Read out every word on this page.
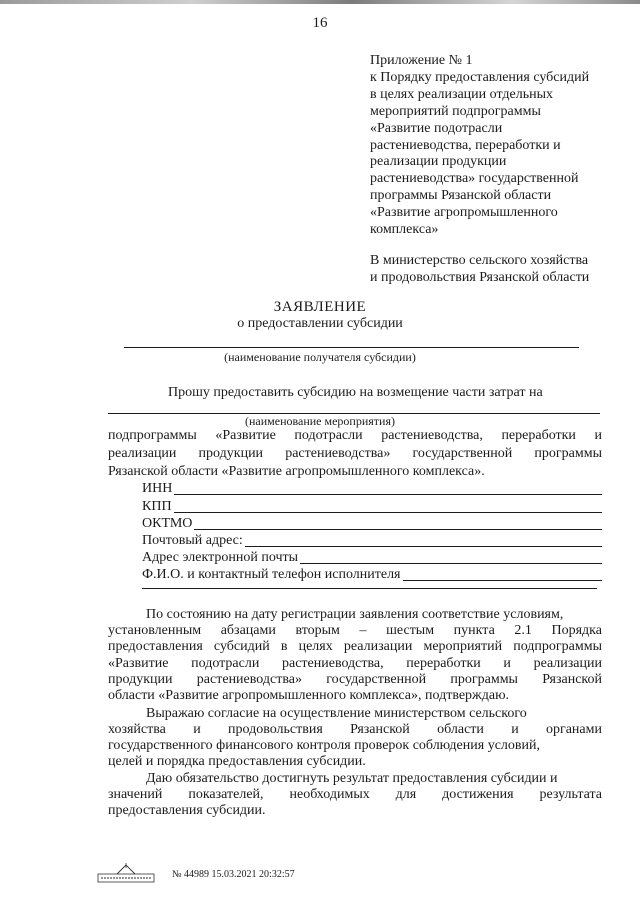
16
Приложение № 1
к Порядку предоставления субсидий
в целях реализации отдельных
мероприятий подпрограммы
«Развитие подотрасли
растениеводства, переработки и
реализации продукции
растениеводства» государственной
программы Рязанской области
«Развитие агропромышленного
комплекса»
В министерство сельского хозяйства
и продовольствия Рязанской области
ЗАЯВЛЕНИЕ
о предоставлении субсидии
(наименование получателя субсидии)
Прошу предоставить субсидию на возмещение части затрат на
(наименование мероприятия)
подпрограммы «Развитие подотрасли растениеводства, переработки и
реализации продукции растениеводства» государственной программы
Рязанской области «Развитие агропромышленного комплекса».
ИНН
КПП
ОКТМО
Почтовый адрес:
Адрес электронной почты
Ф.И.О. и контактный телефон исполнителя
По состоянию на дату регистрации заявления соответствие условиям,
установленным абзацами вторым – шестым пункта 2.1 Порядка
предоставления субсидий в целях реализации мероприятий подпрограммы
«Развитие подотрасли растениеводства, переработки и реализации
продукции растениеводства» государственной программы Рязанской
области «Развитие агропромышленного комплекса», подтверждаю.
Выражаю согласие на осуществление министерством сельского
хозяйства и продовольствия Рязанской области и органами
государственного финансового контроля проверок соблюдения условий,
целей и порядка предоставления субсидии.
Даю обязательство достигнуть результат предоставления субсидии и
значений показателей, необходимых для достижения результата
предоставления субсидии.
№ 44989 15.03.2021 20:32:57
